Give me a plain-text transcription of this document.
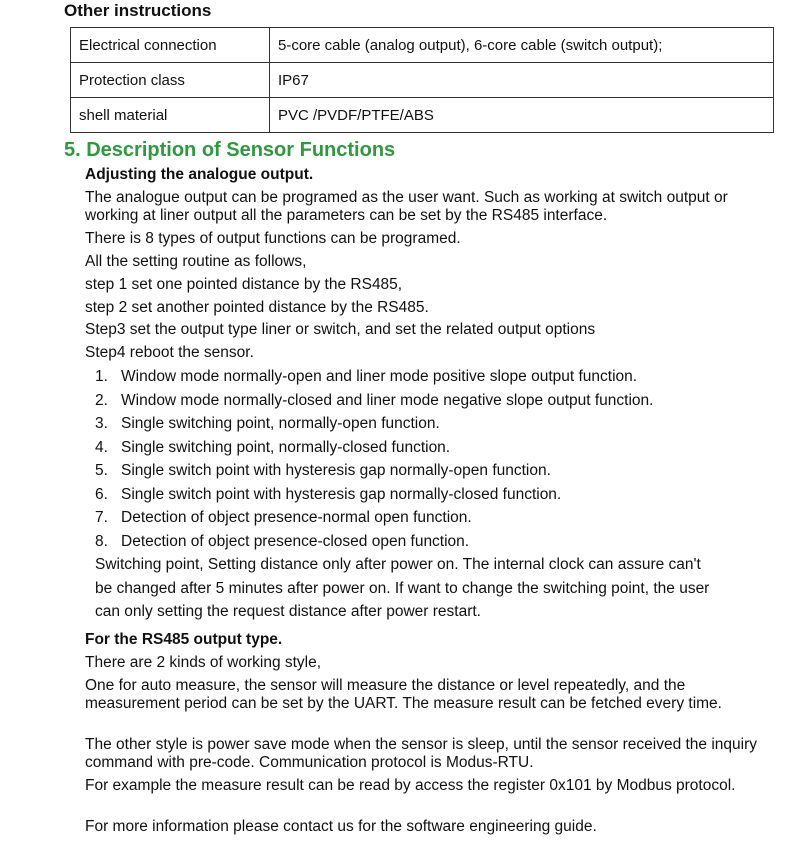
Other instructions
Electrical connection	5-core cable (analog output), 6-core cable (switch output);
Protection class	IP67
shell material	PVC /PVDF/PTFE/ABS
5. Description of Sensor Functions

Adjusting the analogue output.

The analogue output can be programed as the user want. Such as working at switch output or working at liner output all the parameters can be set by the RS485 interface.

There is 8 types of output functions can be programed.

All the setting routine as follows,

step 1 set one pointed distance by the RS485,

step 2 set another pointed distance by the RS485.

Step3 set the output type liner or switch, and set the related output options

Step4 reboot the sensor.

1. Window mode normally-open and liner mode positive slope output function.
2. Window mode normally-closed and liner mode negative slope output function.
3. Single switching point, normally-open function.
4. Single switching point, normally-closed function.
5. Single switch point with hysteresis gap normally-open function.
6. Single switch point with hysteresis gap normally-closed function.
7. Detection of object presence-normal open function.
8. Detection of object presence-closed open function.

Switching point, Setting distance only after power on. The internal clock can assure can't be changed after 5 minutes after power on. If want to change the switching point, the user can only setting the request distance after power restart.

For the RS485 output type.

There are 2 kinds of working style,

One for auto measure, the sensor will measure the distance or level repeatedly, and the measurement period can be set by the UART. The measure result can be fetched every time.

The other style is power save mode when the sensor is sleep, until the sensor received the inquiry command with pre-code. Communication protocol is Modus-RTU.

For example the measure result can be read by access the register 0x101 by Modbus protocol.

For more information please contact us for the software engineering guide.
